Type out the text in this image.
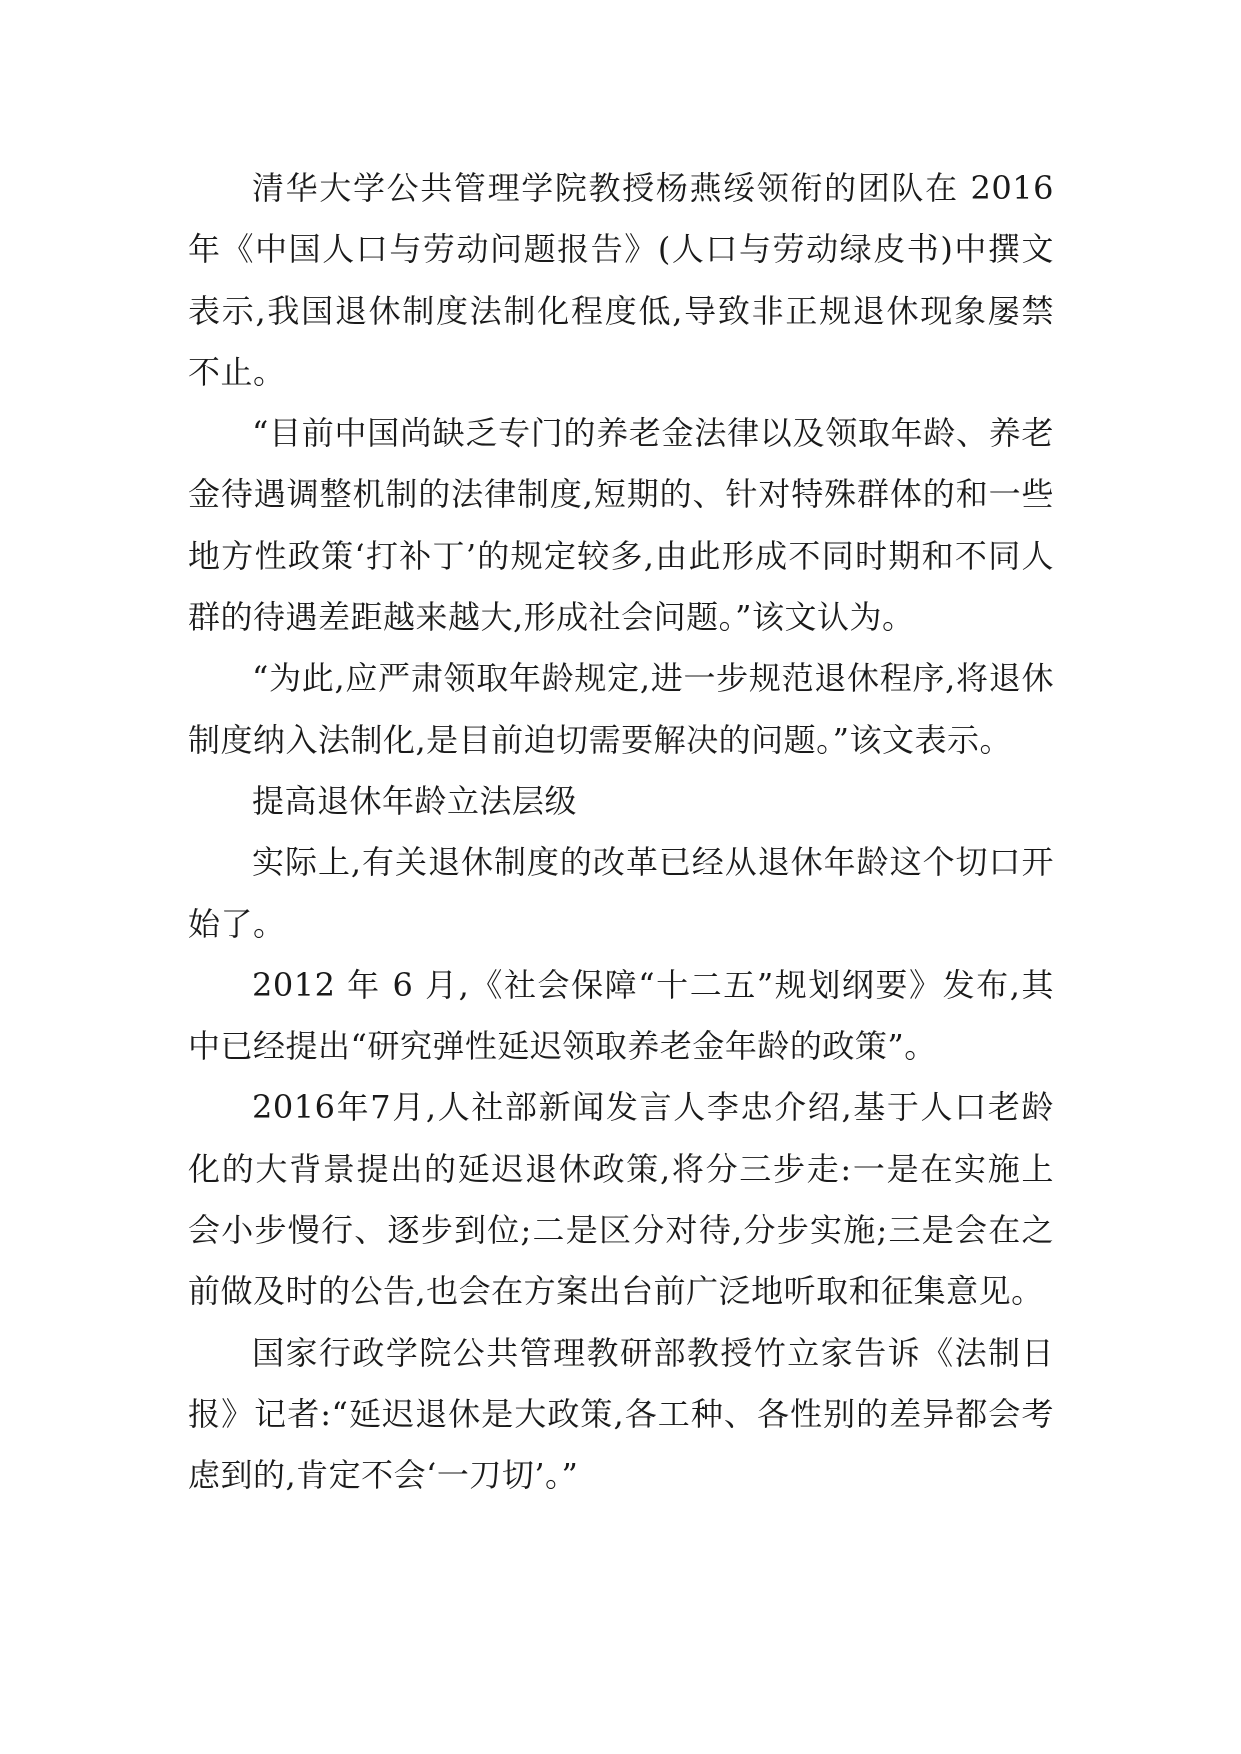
清华大学公共管理学院教授杨燕绥领衔的团队在 2016 年《中国人口与劳动问题报告》(人口与劳动绿皮书)中撰文表示,我国退休制度法制化程度低,导致非正规退休现象屡禁不止。

“目前中国尚缺乏专门的养老金法律以及领取年龄、养老金待遇调整机制的法律制度,短期的、针对特殊群体的和一些地方性政策‘打补丁’的规定较多,由此形成不同时期和不同人群的待遇差距越来越大,形成社会问题。”该文认为。

“为此,应严肃领取年龄规定,进一步规范退休程序,将退休制度纳入法制化,是目前迫切需要解决的问题。”该文表示。

提高退休年龄立法层级

实际上,有关退休制度的改革已经从退休年龄这个切口开始了。

2012 年 6 月,《社会保障“十二五”规划纲要》发布,其中已经提出“研究弹性延迟领取养老金年龄的政策”。

2016年7月,人社部新闻发言人李忠介绍,基于人口老龄化的大背景提出的延迟退休政策,将分三步走:一是在实施上会小步慢行、逐步到位;二是区分对待,分步实施;三是会在之前做及时的公告,也会在方案出台前广泛地听取和征集意见。

国家行政学院公共管理教研部教授竹立家告诉《法制日报》记者:“延迟退休是大政策,各工种、各性别的差异都会考虑到的,肯定不会‘一刀切’。”
